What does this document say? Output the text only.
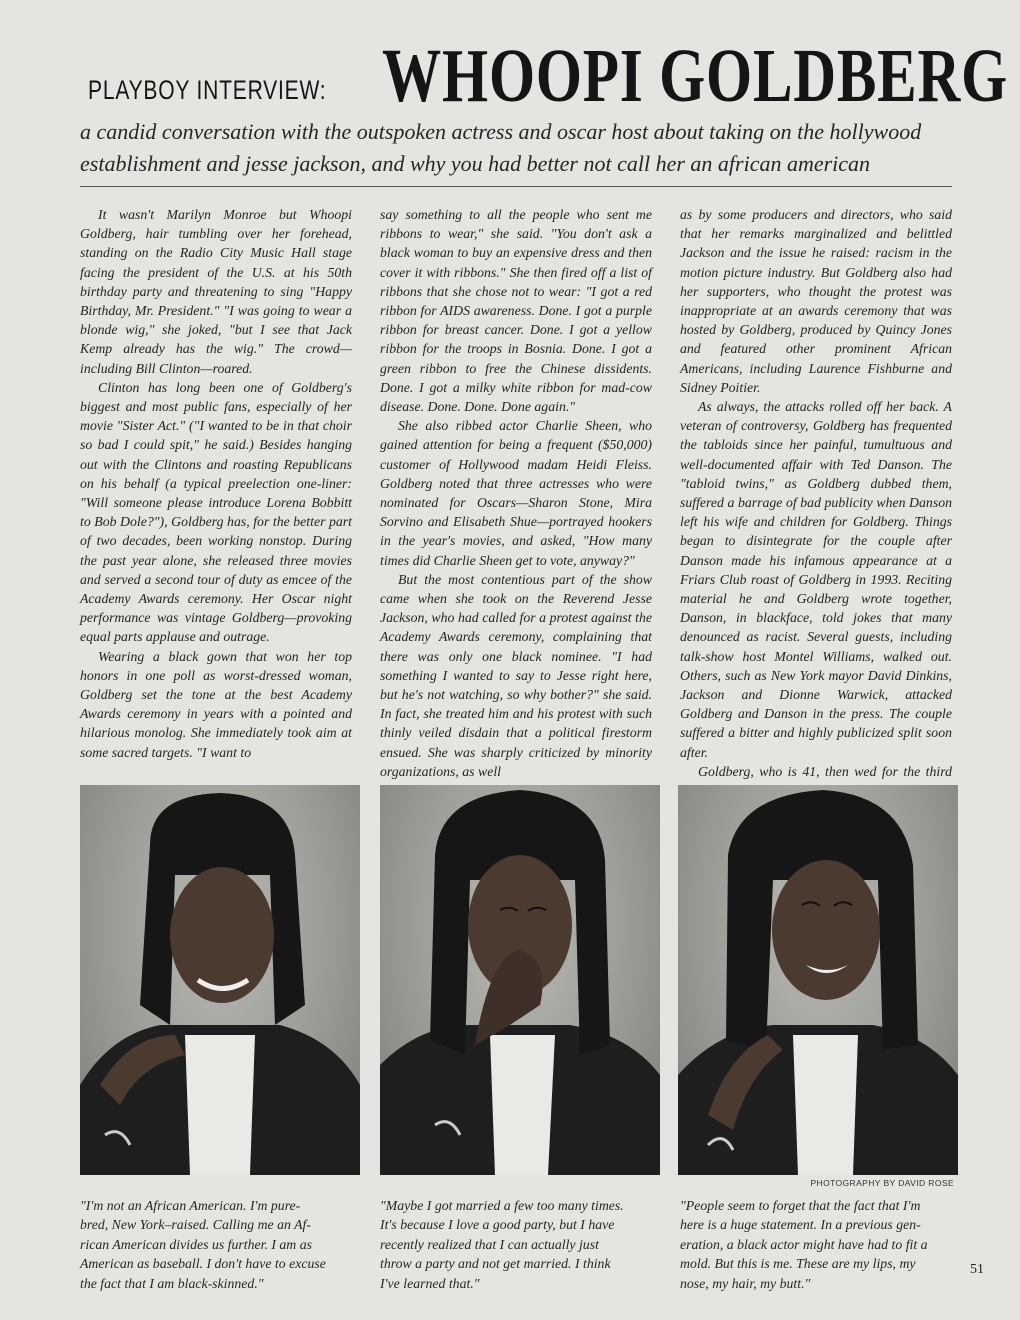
PLAYBOY INTERVIEW: WHOOPI GOLDBERG
a candid conversation with the outspoken actress and oscar host about taking on the hollywood
establishment and jesse jackson, and why you had better not call her an african american

It wasn't Marilyn Monroe but Whoopi Goldberg, hair tumbling over her forehead, standing on the Radio City Music Hall stage facing the president of the U.S. at his 50th birthday party and threatening to sing "Happy Birthday, Mr. President." "I was going to wear a blonde wig," she joked, "but I see that Jack Kemp already has the wig." The crowd—including Bill Clinton—roared.

Clinton has long been one of Goldberg's biggest and most public fans, especially of her movie "Sister Act." ("I wanted to be in that choir so bad I could spit," he said.) Besides hanging out with the Clintons and roasting Republicans on his behalf (a typical preelection one-liner: "Will someone please introduce Lorena Bobbitt to Bob Dole?"), Goldberg has, for the better part of two decades, been working nonstop. During the past year alone, she released three movies and served a second tour of duty as emcee of the Academy Awards ceremony. Her Oscar night performance was vintage Goldberg—provoking equal parts applause and outrage.

Wearing a black gown that won her top honors in one poll as worst-dressed woman, Goldberg set the tone at the best Academy Awards ceremony in years with a pointed and hilarious monolog. She immediately took aim at some sacred targets. "I want to

say something to all the people who sent me ribbons to wear," she said. "You don't ask a black woman to buy an expensive dress and then cover it with ribbons." She then fired off a list of ribbons that she chose not to wear: "I got a red ribbon for AIDS awareness. Done. I got a purple ribbon for breast cancer. Done. I got a yellow ribbon for the troops in Bosnia. Done. I got a green ribbon to free the Chinese dissidents. Done. I got a milky white ribbon for mad-cow disease. Done. Done. Done again."

She also ribbed actor Charlie Sheen, who gained attention for being a frequent ($50,000) customer of Hollywood madam Heidi Fleiss. Goldberg noted that three actresses who were nominated for Oscars—Sharon Stone, Mira Sorvino and Elisabeth Shue—portrayed hookers in the year's movies, and asked, "How many times did Charlie Sheen get to vote, anyway?"

But the most contentious part of the show came when she took on the Reverend Jesse Jackson, who had called for a protest against the Academy Awards ceremony, complaining that there was only one black nominee. "I had something I wanted to say to Jesse right here, but he's not watching, so why bother?" she said. In fact, she treated him and his protest with such thinly veiled disdain that a political firestorm ensued. She was sharply criticized by minority organizations, as well

as by some producers and directors, who said that her remarks marginalized and belittled Jackson and the issue he raised: racism in the motion picture industry. But Goldberg also had her supporters, who thought the protest was inappropriate at an awards ceremony that was hosted by Goldberg, produced by Quincy Jones and featured other prominent African Americans, including Laurence Fishburne and Sidney Poitier.

As always, the attacks rolled off her back. A veteran of controversy, Goldberg has frequented the tabloids since her painful, tumultuous and well-documented affair with Ted Danson. The "tabloid twins," as Goldberg dubbed them, suffered a barrage of bad publicity when Danson left his wife and children for Goldberg. Things began to disintegrate for the couple after Danson made his infamous appearance at a Friars Club roast of Goldberg in 1993. Reciting material he and Goldberg wrote together, Danson, in blackface, told jokes that many denounced as racist. Several guests, including talk-show host Montel Williams, walked out. Others, such as New York mayor David Dinkins, Jackson and Dionne Warwick, attacked Goldberg and Danson in the press. The couple suffered a bitter and highly publicized split soon after.

Goldberg, who is 41, then wed for the third

PHOTOGRAPHY BY DAVID ROSE
"I'm not an African American. I'm pure-
bred, New York–raised. Calling me an Af-
rican American divides us further. I am as
American as baseball. I don't have to excuse
the fact that I am black-skinned."
"Maybe I got married a few too many times.
It's because I love a good party, but I have
recently realized that I can actually just
throw a party and not get married. I think
I've learned that."
"People seem to forget that the fact that I'm
here is a huge statement. In a previous gen-
eration, a black actor might have had to fit a
mold. But this is me. These are my lips, my
nose, my hair, my butt."
51
